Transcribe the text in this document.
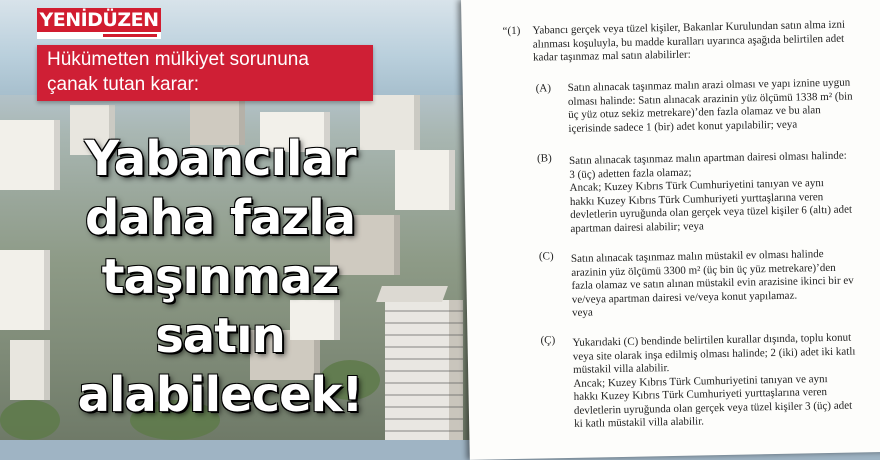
YENİDÜZEN
Hükümetten mülkiyet sorununa
çanak tutan karar:
Yabancılar
daha fazla
taşınmaz
satın
alabilecek!
“(1) Yabancı gerçek veya tüzel kişiler, Bakanlar Kurulundan satın alma izni
alınması koşuluyla, bu madde kuralları uyarınca aşağıda belirtilen adet
kadar taşınmaz mal satın alabilirler:
(A) Satın alınacak taşınmaz malın arazi olması ve yapı iznine uygun
olması halinde: Satın alınacak arazinin yüz ölçümü 1338 m² (bin
üç yüz otuz sekiz metrekare)’den fazla olamaz ve bu alan
içerisinde sadece 1 (bir) adet konut yapılabilir; veya
(B) Satın alınacak taşınmaz malın apartman dairesi olması halinde:
3 (üç) adetten fazla olamaz;
Ancak; Kuzey Kıbrıs Türk Cumhuriyetini tanıyan ve aynı
hakkı Kuzey Kıbrıs Türk Cumhuriyeti yurttaşlarına veren
devletlerin uyruğunda olan gerçek veya tüzel kişiler 6 (altı) adet
apartman dairesi alabilir; veya
(C) Satın alınacak taşınmaz malın müstakil ev olması halinde
arazinin yüz ölçümü 3300 m² (üç bin üç yüz metrekare)’den
fazla olamaz ve satın alınan müstakil evin arazisine ikinci bir ev
ve/veya apartman dairesi ve/veya konut yapılamaz.
veya
(Ç) Yukarıdaki (C) bendinde belirtilen kurallar dışında, toplu konut
veya site olarak inşa edilmiş olması halinde; 2 (iki) adet iki katlı
müstakil villa alabilir.
Ancak; Kuzey Kıbrıs Türk Cumhuriyetini tanıyan ve aynı
hakkı Kuzey Kıbrıs Türk Cumhuriyeti yurttaşlarına veren
devletlerin uyruğunda olan gerçek veya tüzel kişiler 3 (üç) adet
ki katlı müstakil villa alabilir.
